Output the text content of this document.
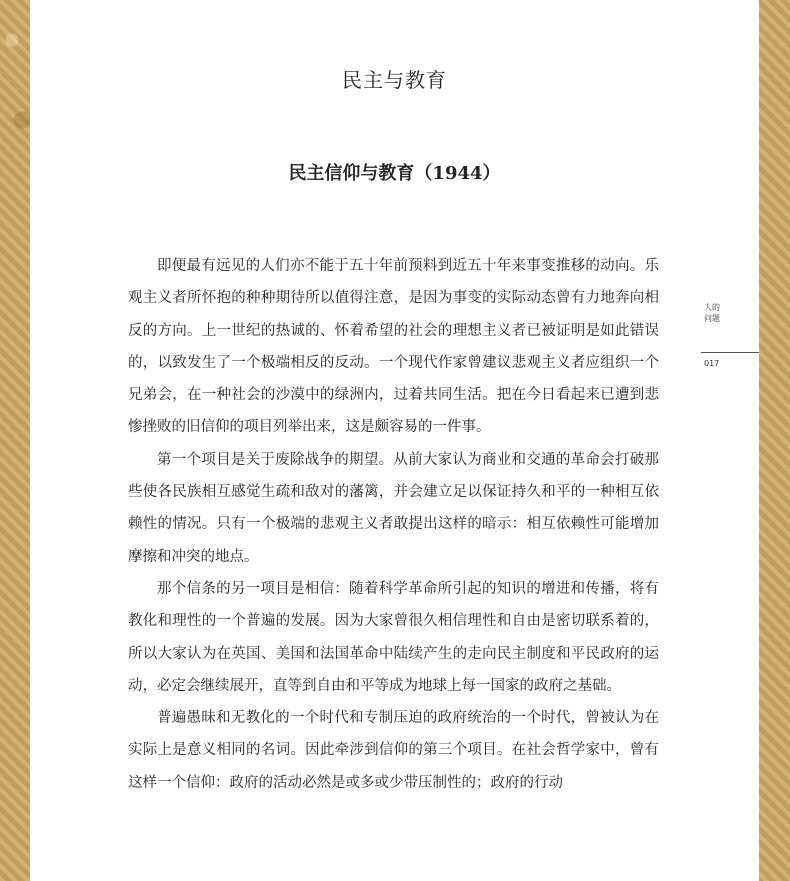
民主与教育
民主信仰与教育（1944）

即便最有远见的人们亦不能于五十年前预料到近五十年来事变推移的动向。乐观主义者所怀抱的种种期待所以值得注意，是因为事变的实际动态曾有力地奔向相反的方向。上一世纪的热诚的、怀着希望的社会的理想主义者已被证明是如此错误的，以致发生了一个极端相反的反动。一个现代作家曾建议悲观主义者应组织一个兄弟会，在一种社会的沙漠中的绿洲内，过着共同生活。把在今日看起来已遭到悲惨挫败的旧信仰的项目列举出来，这是颇容易的一件事。

第一个项目是关于废除战争的期望。从前大家认为商业和交通的革命会打破那些使各民族相互感觉生疏和敌对的藩篱，并会建立足以保证持久和平的一种相互依赖性的情况。只有一个极端的悲观主义者敢提出这样的暗示：相互依赖性可能增加摩擦和冲突的地点。

那个信条的另一项目是相信：随着科学革命所引起的知识的增进和传播，将有教化和理性的一个普遍的发展。因为大家曾很久相信理性和自由是密切联系着的，所以大家认为在英国、美国和法国革命中陆续产生的走向民主制度和平民政府的运动，必定会继续展开，直等到自由和平等成为地球上每一国家的政府之基础。

普遍愚昧和无教化的一个时代和专制压迫的政府统治的一个时代，曾被认为在实际上是意义相同的名词。因此牵涉到信仰的第三个项目。在社会哲学家中，曾有这样一个信仰：政府的活动必然是或多或少带压制性的；政府的行动

人的问题
017
